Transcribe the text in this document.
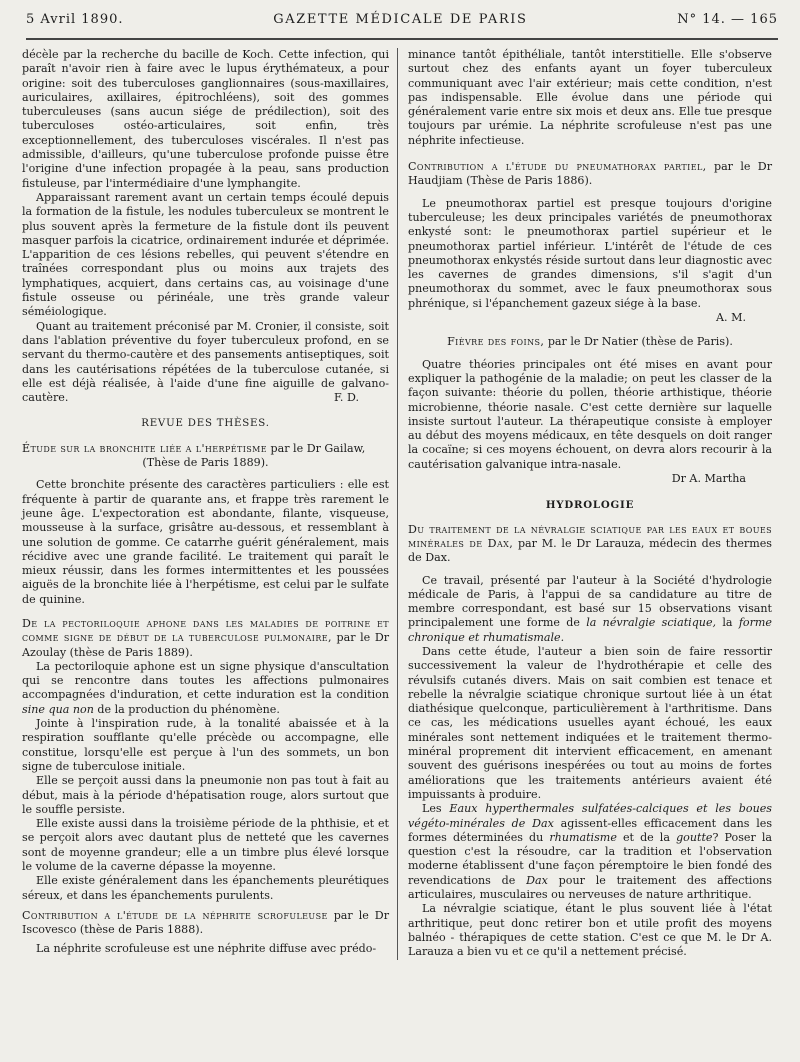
5 Avril 1890.	GAZETTE MÉDICALE DE PARIS	N° 14. — 165

décèle par la recherche du bacille de Koch. Cette infection, qui paraît n'avoir rien à faire avec le lupus érythémateux, a pour origine: soit des tuberculoses ganglionnaires (sous-maxillaires, auriculaires, axillaires, épitrochléens), soit des gommes tuberculeuses (sans aucun siége de prédilection), soit des tuberculoses ostéo-articulaires, soit enfin, très exceptionnellement, des tuberculoses viscérales. Il n'est pas admissible, d'ailleurs, qu'une tuberculose profonde puisse être l'origine d'une infection propagée à la peau, sans production fistuleuse, par l'intermédiaire d'une lymphangite.

Apparaissant rarement avant un certain temps écoulé depuis la formation de la fistule, les nodules tuberculeux se montrent le plus souvent après la fermeture de la fistule dont ils peuvent masquer parfois la cicatrice, ordinairement indurée et déprimée. L'apparition de ces lésions rebelles, qui peuvent s'étendre en traînées correspondant plus ou moins aux trajets des lymphatiques, acquiert, dans certains cas, au voisinage d'une fistule osseuse ou périnéale, une très grande valeur séméiologique.

Quant au traitement préconisé par M. Cronier, il consiste, soit dans l'ablation préventive du foyer tuberculeux profond, en se servant du thermo-cautère et des pansements antiseptiques, soit dans les cautérisations répétées de la tuberculose cutanée, si elle est déjà réalisée, à l'aide d'une fine aiguille de galvano-cautère.	F. D.

REVUE DES THÈSES.

Étude sur la bronchite liée a l'herpétisme par le Dr Gailaw,

(Thèse de Paris 1889).

Cette bronchite présente des caractères particuliers : elle est fréquente à partir de quarante ans, et frappe très rarement le jeune âge. L'expectoration est abondante, filante, visqueuse, mousseuse à la surface, grisâtre au-dessous, et ressemblant à une solution de gomme. Ce catarrhe guérit généralement, mais récidive avec une grande facilité. Le traitement qui paraît le mieux réussir, dans les formes intermittentes et les poussées aiguës de la bronchite liée à l'herpétisme, est celui par le sulfate de quinine.

De la pectoriloquie aphone dans les maladies de poitrine et comme signe de début de la tuberculose pulmonaire, par le Dr Azoulay (thèse de Paris 1889).

La pectoriloquie aphone est un signe physique d'anscultation qui se rencontre dans toutes les affections pulmonaires accompagnées d'induration, et cette induration est la condition sine qua non de la production du phénomène.

Jointe à l'inspiration rude, à la tonalité abaissée et à la respiration soufflante qu'elle précède ou accompagne, elle constitue, lorsqu'elle est perçue à l'un des sommets, un bon signe de tuberculose initiale.

Elle se perçoit aussi dans la pneumonie non pas tout à fait au début, mais à la période d'hépatisation rouge, alors surtout que le souffle persiste.

Elle existe aussi dans la troisième période de la phthisie, et et se perçoit alors avec dautant plus de netteté que les cavernes sont de moyenne grandeur; elle a un timbre plus élevé lorsque le volume de la caverne dépasse la moyenne.

Elle existe généralement dans les épanchements pleurétiques séreux, et dans les épanchements purulents.

Contribution a l'étude de la néphrite scrofuleuse par le Dr Iscovesco (thèse de Paris 1888).

La néphrite scrofuleuse est une néphrite diffuse avec prédo-

minance tantôt épithéliale, tantôt interstitielle. Elle s'observe surtout chez des enfants ayant un foyer tuberculeux communiquant avec l'air extérieur; mais cette condition, n'est pas indispensable. Elle évolue dans une période qui généralement varie entre six mois et deux ans. Elle tue presque toujours par urémie. La néphrite scrofuleuse n'est pas une néphrite infectieuse.

Contribution a l'étude du pneumathorax partiel, par le Dr Haudjiam (Thèse de Paris 1886).

Le pneumothorax partiel est presque toujours d'origine tuberculeuse; les deux principales variétés de pneumothorax enkysté sont: le pneumothorax partiel supérieur et le pneumothorax partiel inférieur. L'intérêt de l'étude de ces pneumothorax enkystés réside surtout dans leur diagnostic avec les cavernes de grandes dimensions, s'il s'agit d'un pneumothorax du sommet, avec le faux pneumothorax sous phrénique, si l'épanchement gazeux siége à la base.

A. M.

Fièvre des foins, par le Dr Natier (thèse de Paris).

Quatre théories principales ont été mises en avant pour expliquer la pathogénie de la maladie; on peut les classer de la façon suivante: théorie du pollen, théorie arthistique, théorie microbienne, théorie nasale. C'est cette dernière sur laquelle insiste surtout l'auteur. La thérapeutique consiste à employer au début des moyens médicaux, en tête desquels on doit ranger la cocaïne; si ces moyens échouent, on devra alors recourir à la cautérisation galvanique intra-nasale.

Dr A. Martha

HYDROLOGIE

Du traitement de la névralgie sciatique par les eaux et boues minérales de Dax, par M. le Dr Larauza, médecin des thermes de Dax.

Ce travail, présenté par l'auteur à la Société d'hydrologie médicale de Paris, à l'appui de sa candidature au titre de membre correspondant, est basé sur 15 observations visant principalement une forme de la névralgie sciatique, la forme chronique et rhumatismale.

Dans cette étude, l'auteur a bien soin de faire ressortir successivement la valeur de l'hydrothérapie et celle des révulsifs cutanés divers. Mais on sait combien est tenace et rebelle la névralgie sciatique chronique surtout liée à un état diathésique quelconque, particulièrement à l'arthritisme. Dans ce cas, les médications usuelles ayant échoué, les eaux minérales sont nettement indiquées et le traitement thermo-minéral proprement dit intervient efficacement, en amenant souvent des guérisons inespérées ou tout au moins de fortes améliorations que les traitements antérieurs avaient été impuissants à produire.

Les Eaux hyperthermales sulfatées-calciques et les boues végéto-minérales de Dax agissent-elles efficacement dans les formes déterminées du rhumatisme et de la goutte? Poser la question c'est la résoudre, car la tradition et l'observation moderne établissent d'une façon péremptoire le bien fondé des revendications de Dax pour le traitement des affections articulaires, musculaires ou nerveuses de nature arthritique.

La névralgie sciatique, étant le plus souvent liée à l'état arthritique, peut donc retirer bon et utile profit des moyens balnéo - thérapiques de cette station. C'est ce que M. le Dr A. Larauza a bien vu et ce qu'il a nettement précisé.
